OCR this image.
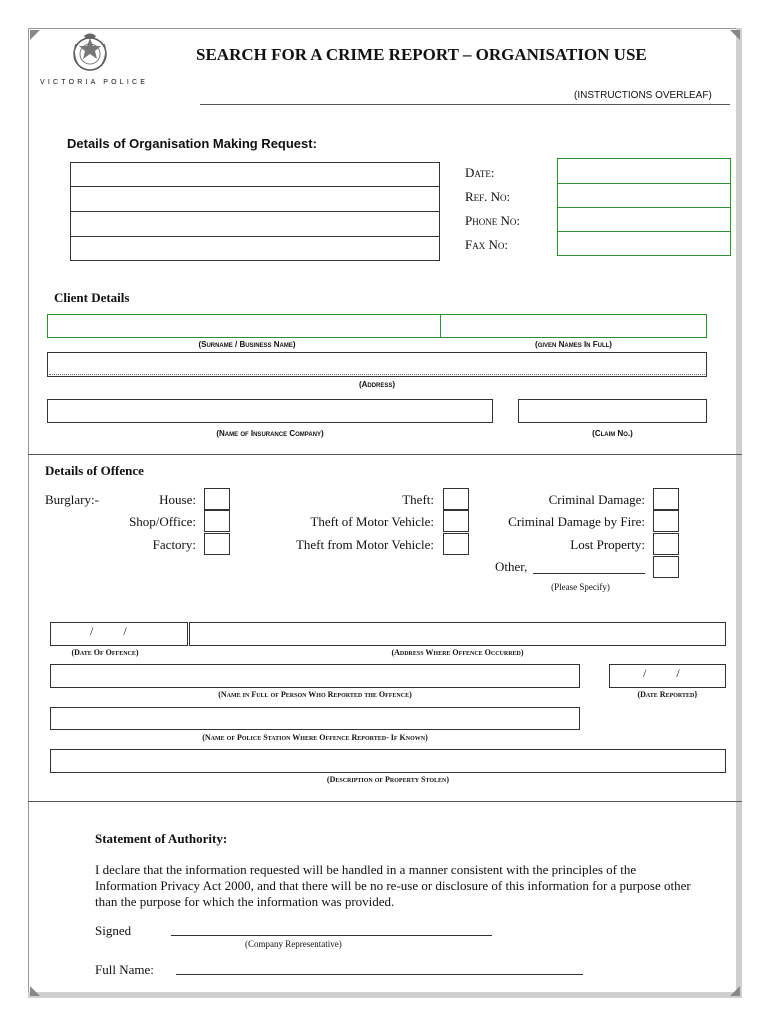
VICTORIA POLICE
SEARCH FOR A CRIME REPORT – ORGANISATION USE
(INSTRUCTIONS OVERLEAF)
Details of Organisation Making Request:
Date:
Ref. No:
Phone No:
Fax No:
Client Details
(Surname / Business Name)	(given Names In Full)
(Address)
(Name of Insurance Company)	(Claim No.)
Details of Offence
Burglary:-	House:
Shop/Office:
Factory:
Theft:
Theft of Motor Vehicle:
Theft from Motor Vehicle:
Criminal Damage:
Criminal Damage by Fire:
Lost Property:
Other,
(Please Specify)
/          /
(Date Of Offence)	(Address Where Offence Occurred)
/          /
(Name in Full of Person Who Reported the Offence)	(Date Reported}
(Name of Police Station Where Offence Reported- If Known)
(Description of Property Stolen)
Statement of Authority:
I declare that the information requested will be handled in a manner consistent with the principles of the Information Privacy Act 2000, and that there will be no re-use or disclosure of this information for a purpose other than the purpose for which the information was provided.
Signed
(Company Representative)
Full Name:
